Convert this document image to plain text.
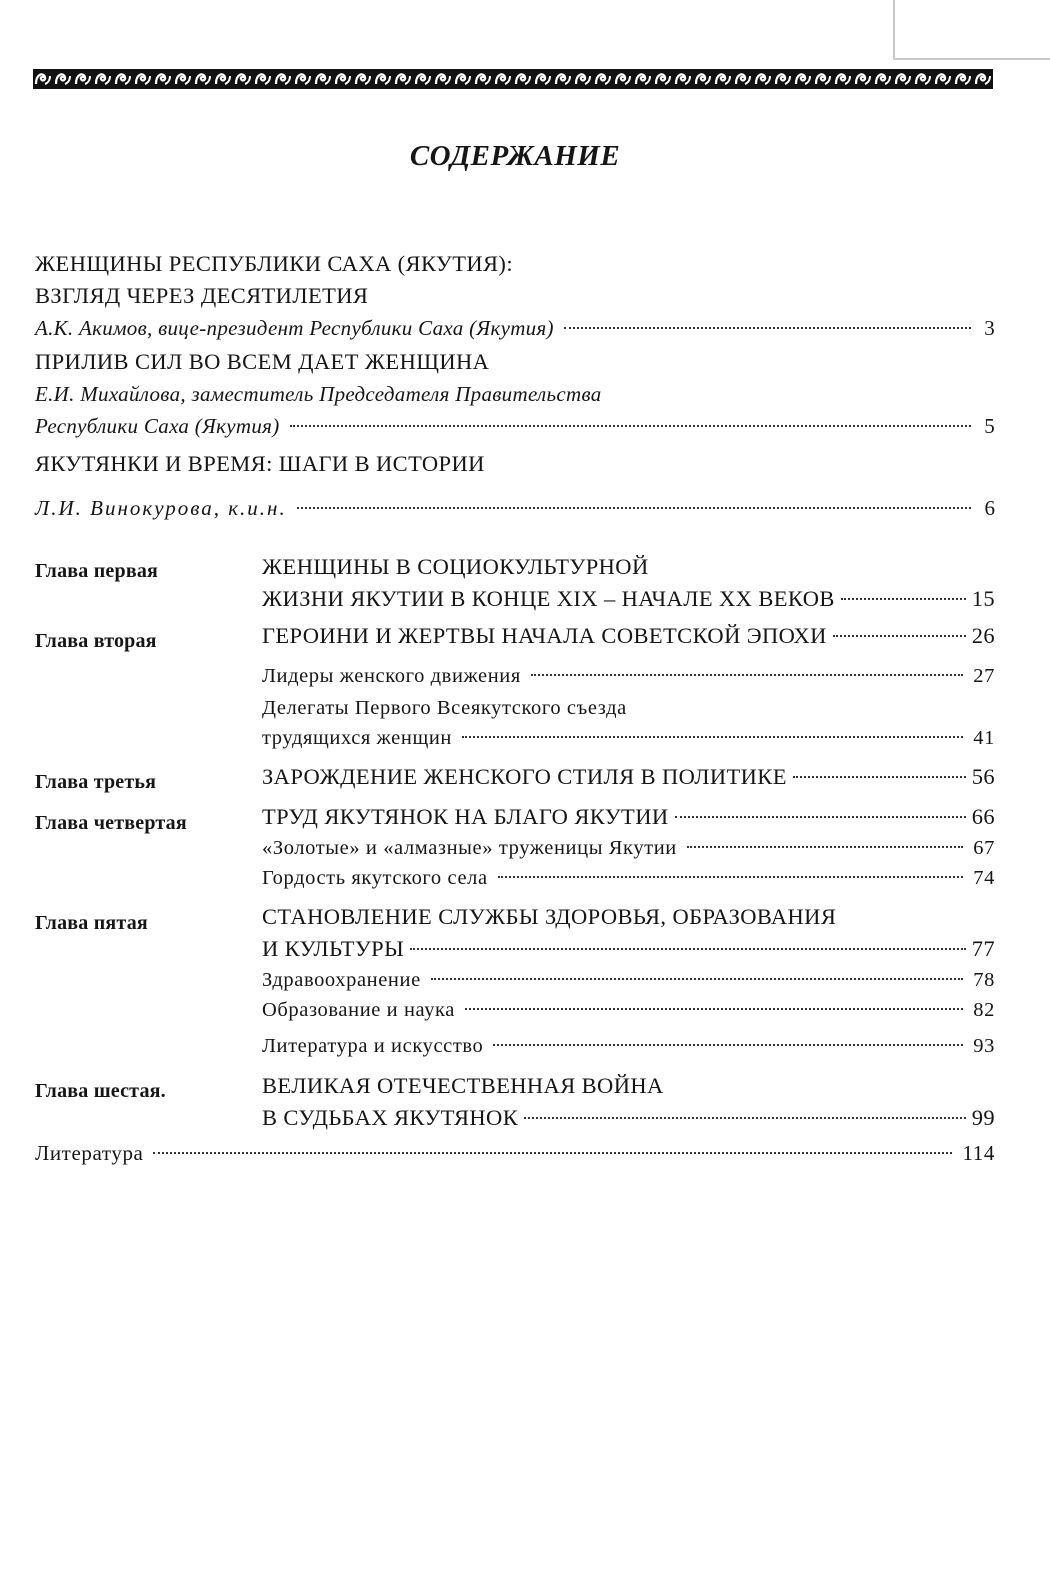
СОДЕРЖАНИЕ
ЖЕНЩИНЫ РЕСПУБЛИКИ САХА (ЯКУТИЯ):
ВЗГЛЯД ЧЕРЕЗ ДЕСЯТИЛЕТИЯ
А.К. Акимов, вице-президент Республики Саха (Якутия)	3
ПРИЛИВ СИЛ ВО ВСЕМ ДАЕТ ЖЕНЩИНА
Е.И. Михайлова, заместитель Председателя Правительства
Республики Саха (Якутия)	5
ЯКУТЯНКИ И ВРЕМЯ: ШАГИ В ИСТОРИИ
Л.И. Винокурова, к.и.н.	6
Глава первая	ЖЕНЩИНЫ В СОЦИОКУЛЬТУРНОЙ
ЖИЗНИ ЯКУТИИ В КОНЦЕ XIX – НАЧАЛЕ XX ВЕКОВ	15
Глава вторая	ГЕРОИНИ И ЖЕРТВЫ НАЧАЛА СОВЕТСКОЙ ЭПОХИ	26
Лидеры женского движения	27
Делегаты Первого Всеякутского съезда
трудящихся женщин	41
Глава третья	ЗАРОЖДЕНИЕ ЖЕНСКОГО СТИЛЯ В ПОЛИТИКЕ	56
Глава четвертая	ТРУД ЯКУТЯНОК НА БЛАГО ЯКУТИИ	66
«Золотые» и «алмазные» труженицы Якутии	67
Гордость якутского села	74
Глава пятая	СТАНОВЛЕНИЕ СЛУЖБЫ ЗДОРОВЬЯ, ОБРАЗОВАНИЯ
И КУЛЬТУРЫ	77
Здравоохранение	78
Образование и наука	82
Литература и искусство	93
Глава шестая.	ВЕЛИКАЯ ОТЕЧЕСТВЕННАЯ ВОЙНА
В СУДЬБАХ ЯКУТЯНОК	99
Литература	114
